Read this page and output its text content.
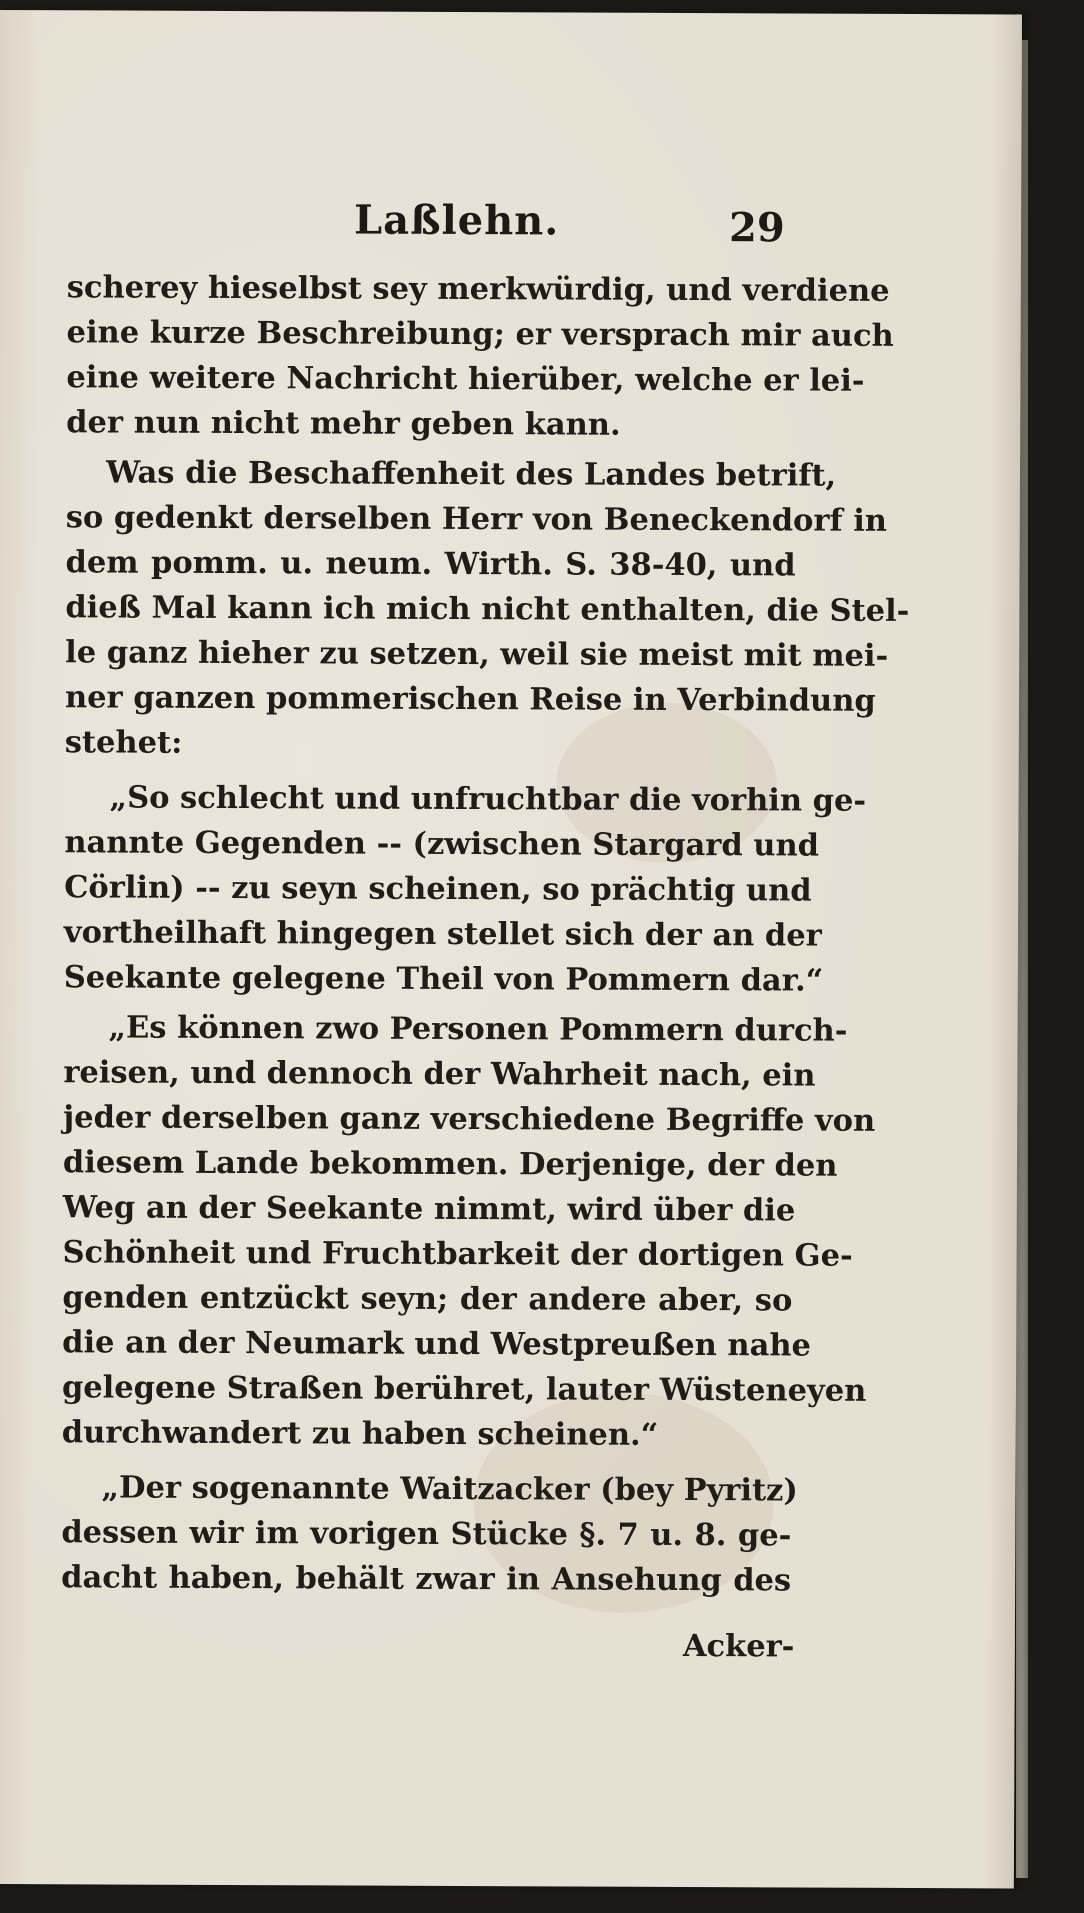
Laßlehn.	29
scherey hieselbst sey merkwürdig, und verdiene
eine kurze Beschreibung; er versprach mir auch
eine weitere Nachricht hierüber, welche er lei-
der nun nicht mehr geben kann.
Was die Beschaffenheit des Landes betrift,
so gedenkt derselben Herr von Beneckendorf in
dem pomm. u. neum. Wirth. S. 38-40, und
dieß Mal kann ich mich nicht enthalten, die Stel-
le ganz hieher zu setzen, weil sie meist mit mei-
ner ganzen pommerischen Reise in Verbindung
stehet:
„So schlecht und unfruchtbar die vorhin ge-
nannte Gegenden -- (zwischen Stargard und
Cörlin) -- zu seyn scheinen, so prächtig und
vortheilhaft hingegen stellet sich der an der
Seekante gelegene Theil von Pommern dar.“
„Es können zwo Personen Pommern durch-
reisen, und dennoch der Wahrheit nach, ein
jeder derselben ganz verschiedene Begriffe von
diesem Lande bekommen. Derjenige, der den
Weg an der Seekante nimmt, wird über die
Schönheit und Fruchtbarkeit der dortigen Ge-
genden entzückt seyn; der andere aber, so
die an der Neumark und Westpreußen nahe
gelegene Straßen berühret, lauter Wüsteneyen
durchwandert zu haben scheinen.“
„Der sogenannte Waitzacker (bey Pyritz)
dessen wir im vorigen Stücke §. 7 u. 8. ge-
dacht haben, behält zwar in Ansehung des
Acker-
